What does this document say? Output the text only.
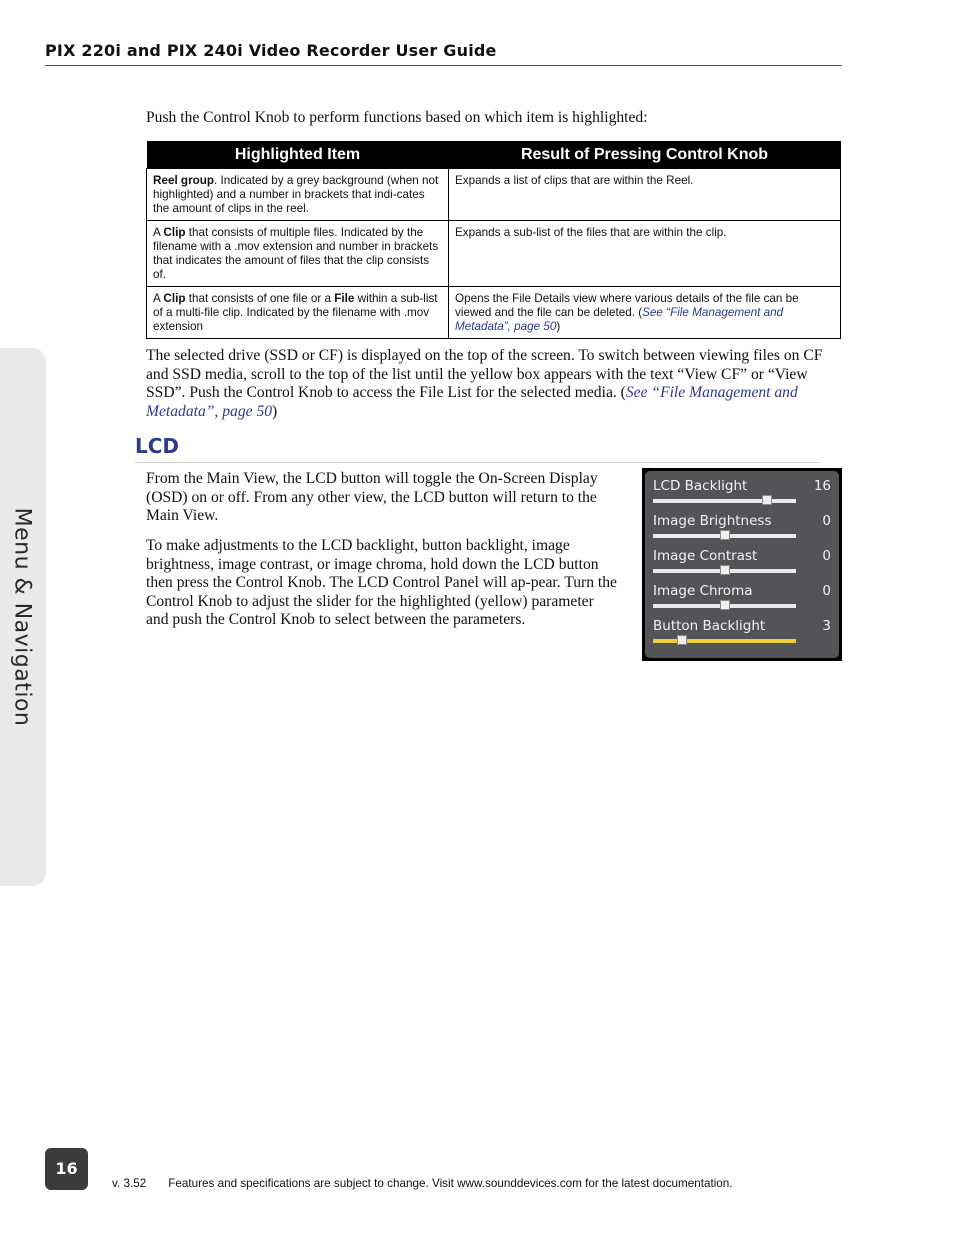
PIX 220i and PIX 240i Video Recorder User Guide
Menu & Navigation
Push the Control Knob to perform functions based on which item is highlighted:
Highlighted Item	Result of Pressing Control Knob
Reel group. Indicated by a grey background (when not highlighted) and a number in brackets that indi-cates the amount of clips in the reel.	Expands a list of clips that are within the Reel.
A Clip that consists of multiple files. Indicated by the filename with a .mov extension and number in brackets that indicates the amount of files that the clip consists of.	Expands a sub-list of the files that are within the clip.
A Clip that consists of one file or a File within a sub-list of a multi-file clip. Indicated by the filename with .mov extension	Opens the File Details view where various details of the file can be viewed and the file can be deleted. (See “File Management and Metadata”, page 50)
The selected drive (SSD or CF) is displayed on the top of the screen. To switch between viewing files on CF and SSD media, scroll to the top of the list until the yellow box appears with the text “View CF” or “View SSD”. Push the Control Knob to access the File List for the selected media. (See “File Management and Metadata”, page 50)
LCD
From the Main View, the LCD button will toggle the On-Screen Display (OSD) on or off. From any other view, the LCD button will return to the Main View.
To make adjustments to the LCD backlight, button backlight, image brightness, image contrast, or image chroma, hold down the LCD button then press the Control Knob. The LCD Control Panel will ap-pear. Turn the Control Knob to adjust the slider for the highlighted (yellow) parameter and push the Control Knob to select between the parameters.
LCD Backlight	16
Image Brightness	0
Image Contrast	0
Image Chroma	0
Button Backlight	3
16
v. 3.52 Features and specifications are subject to change. Visit www.sounddevices.com for the latest documentation.
